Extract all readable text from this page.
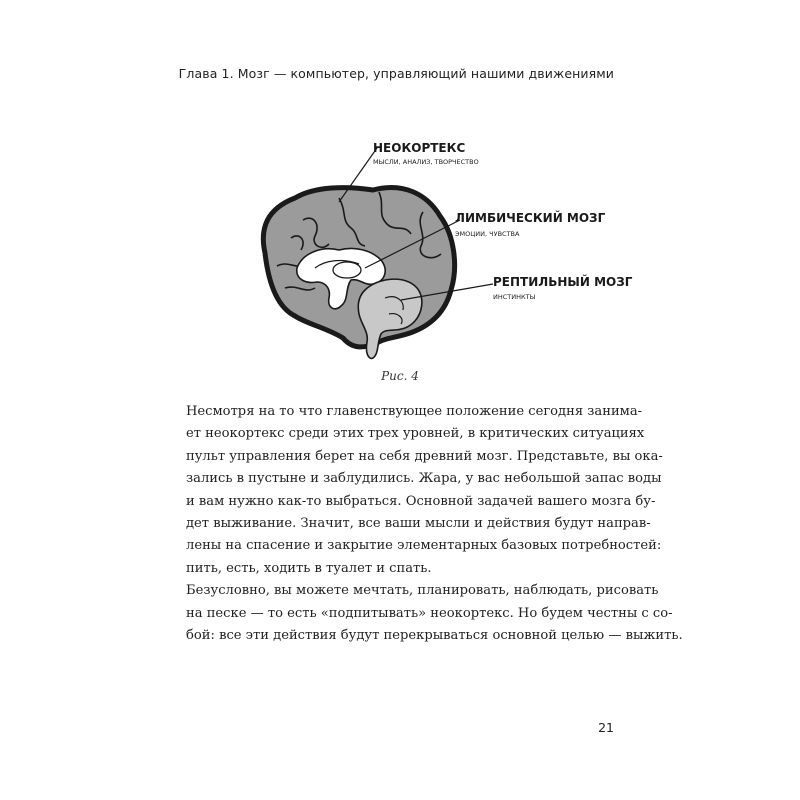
Глава 1. Мозг — компьютер, управляющий нашими движениями
НЕОКОРТЕКС
МЫСЛИ, АНАЛИЗ, ТВОРЧЕСТВО
ЛИМБИЧЕСКИЙ МОЗГ
ЭМОЦИИ, ЧУВСТВА
РЕПТИЛЬНЫЙ МОЗГ
ИНСТИНКТЫ
Рис. 4
Несмотря на то что главенствующее положение сегодня занима-
ет неокортекс среди этих трех уровней, в критических ситуациях
пульт управления берет на себя древний мозг. Представьте, вы ока-
зались в пустыне и заблудились. Жара, у вас небольшой запас воды
и вам нужно как-то выбраться. Основной задачей вашего мозга бу-
дет выживание. Значит, все ваши мысли и действия будут направ-
лены на спасение и закрытие элементарных базовых потребностей:
пить, есть, ходить в туалет и спать.
Безусловно, вы можете мечтать, планировать, наблюдать, рисовать
на песке — то есть «подпитывать» неокортекс. Но будем честны с со-
бой: все эти действия будут перекрываться основной целью — выжить.
21
